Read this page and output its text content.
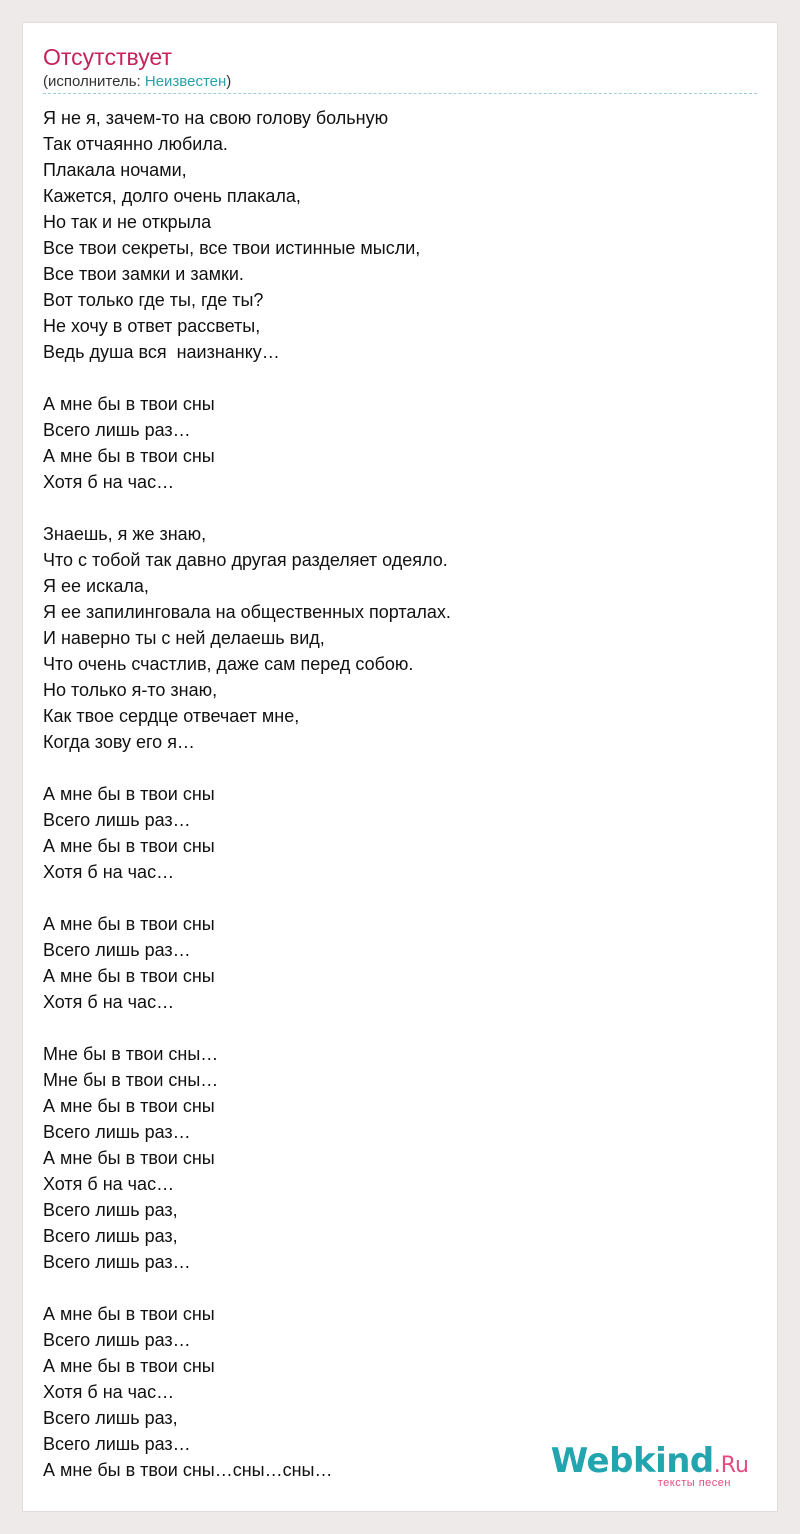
Отсутствует
(исполнитель: Неизвестен)
Я не я, зачем-то на свою голову больную
Так отчаянно любила.
Плакала ночами,
Кажется, долго очень плакала,
Но так и не открыла
Все твои секреты, все твои истинные мысли,
Все твои замки и замки.
Вот только где ты, где ты?
Не хочу в ответ рассветы,
Ведь душа вся  наизнанку…
А мне бы в твои сны
Всего лишь раз…
А мне бы в твои сны
Хотя б на час…
Знаешь, я же знаю,
Что с тобой так давно другая разделяет одеяло.
Я ее искала,
Я ее запилинговала на общественных порталах.
И наверно ты с ней делаешь вид,
Что очень счастлив, даже сам перед собою.
Но только я-то знаю,
Как твое сердце отвечает мне,
Когда зову его я…
А мне бы в твои сны
Всего лишь раз…
А мне бы в твои сны
Хотя б на час…
А мне бы в твои сны
Всего лишь раз…
А мне бы в твои сны
Хотя б на час…
Мне бы в твои сны…
Мне бы в твои сны…
А мне бы в твои сны
Всего лишь раз…
А мне бы в твои сны
Хотя б на час…
Всего лишь раз,
Всего лишь раз,
Всего лишь раз…
А мне бы в твои сны
Всего лишь раз…
А мне бы в твои сны
Хотя б на час…
Всего лишь раз,
Всего лишь раз…
А мне бы в твои сны…сны…сны…	Webkind.Ru
тексты песен
